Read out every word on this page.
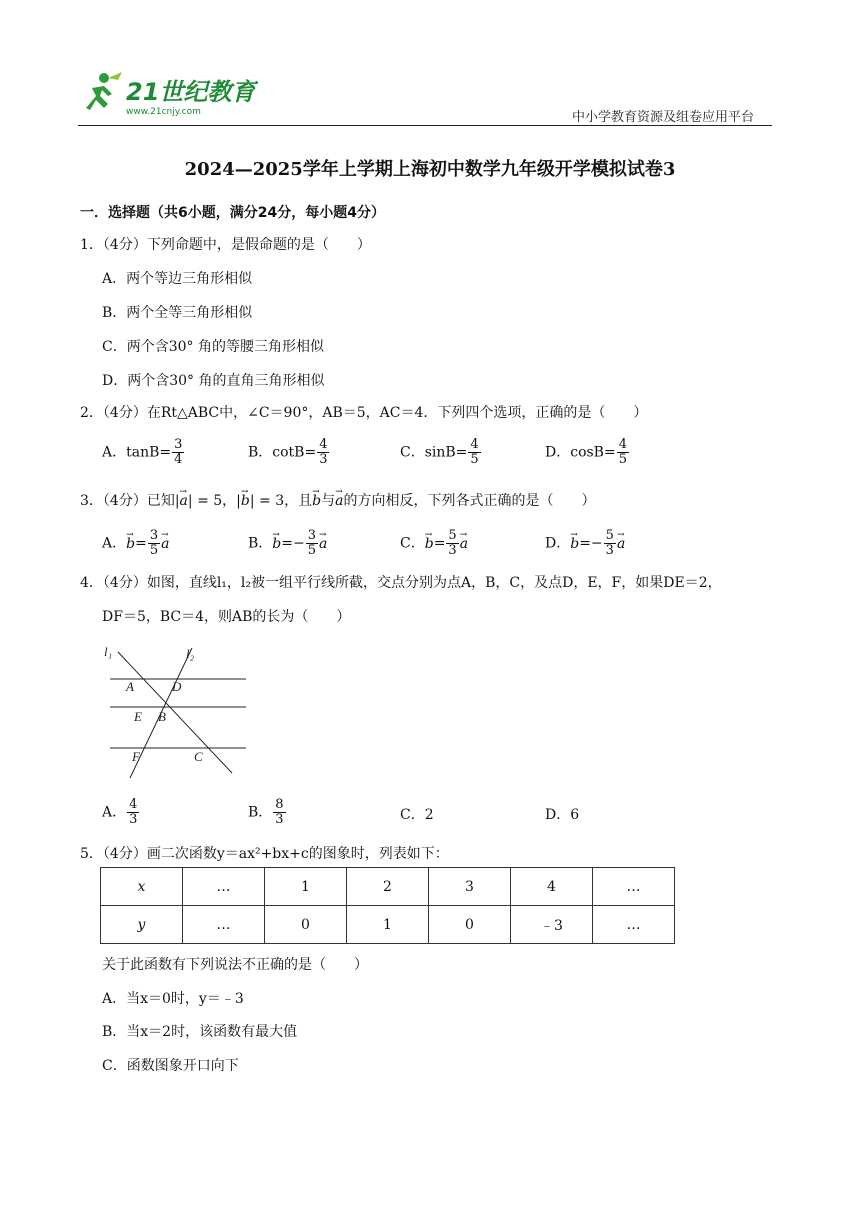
21世纪教育
www.21cnjy.com	中小学教育资源及组卷应用平台
2024—2025学年上学期上海初中数学九年级开学模拟试卷3
一．选择题（共6小题，满分24分，每小题4分）
1．（4分）下列命题中，是假命题的是（　　）
A．两个等边三角形相似
B．两个全等三角形相似
C．两个含30° 角的等腰三角形相似
D．两个含30° 角的直角三角形相似
2．（4分）在Rt△ABC中，∠C＝90°，AB＝5，AC＝4．下列四个选项，正确的是（　　）
A．$\tan B= \frac{3}{4}$	B．$\cot B= \frac{4}{3}$	C．$\sin B= \frac{4}{5}$	D．$\cos B= \frac{4}{5}$
3．（4分）已知|→ a| = 5，|→ b| = 3，且→ b与→ a的方向相反，下列各式正确的是（　　）
A．→ $b= \frac{3}{5} \to a$	B．→ $b=- \frac{3}{5} \to a$	C．→ $b= \frac{5}{3} \to a$	D．→ $b=- \frac{5}{3} \to a$
4．（4分）如图，直线l₁，l₂被一组平行线所截，交点分别为点A，B，C，及点D，E，F，如果DE＝2，
DF＝5，BC＝4，则AB的长为（　　）
l₁	l₂
A	D
E B
F	C
A． $\frac{4}{3}$	B． $\frac{8}{3}$	C．2	D．6
5．（4分）画二次函数y＝ax²+bx+c的图象时，列表如下：
x	…	1	2	3	4	…
y	…	0	1	0	﹣3	…
关于此函数有下列说法不正确的是（　　）
A．当x＝0时，y＝﹣3
B．当x＝2时，该函数有最大值
C．函数图象开口向下
